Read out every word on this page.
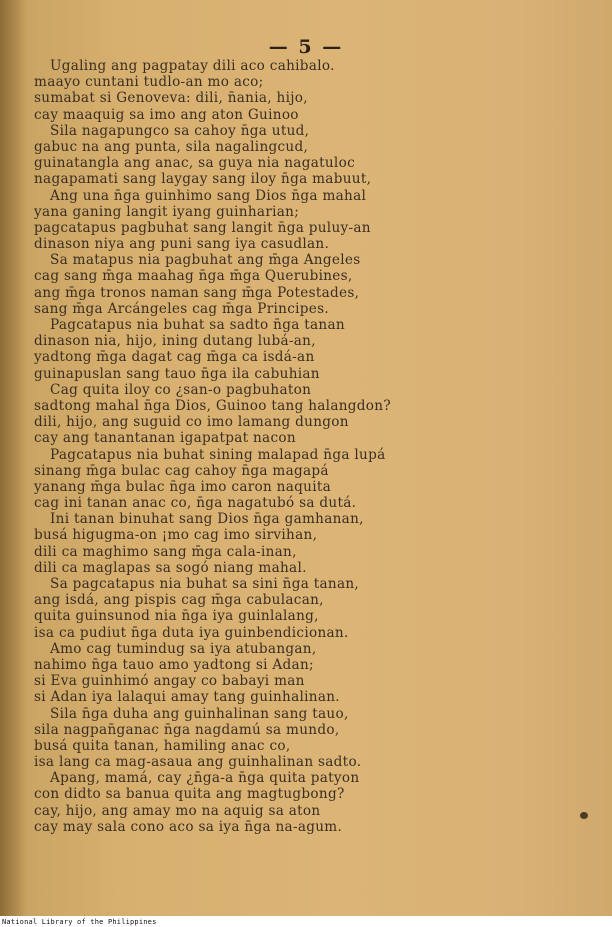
— 5 —
Ugaling ang pagpatay dili aco cahibalo.
maayo cuntani tudlo-an mo aco;
sumabat si Genoveva: dili, n̄ania, hijo,
cay maaquig sa imo ang aton Guinoo
Sila nagapungco sa cahoy n̄ga utud,
gabuc na ang punta, sila nagalingcud,
guinatangla ang anac, sa guya nia nagatuloc
nagapamati sang laygay sang iloy n̄ga mabuut,
Ang una n̄ga guinhimo sang Dios n̄ga mahal
yana ganing langit iyang guinharian;
pagcatapus pagbuhat sang langit n̄ga puluy-an
dinason niya ang puni sang iya casudlan.
Sa matapus nia pagbuhat ang m̄ga Angeles
cag sang m̄ga maahag n̄ga m̄ga Querubines,
ang m̄ga tronos naman sang m̄ga Potestades,
sang m̄ga Arcángeles cag m̄ga Principes.
Pagcatapus nia buhat sa sadto n̄ga tanan
dinason nia, hijo, ining dutang lubá-an,
yadtong m̄ga dagat cag m̄ga ca isdá-an
guinapuslan sang tauo n̄ga ila cabuhian
Cag quita iloy co ¿san-o pagbuhaton
sadtong mahal n̄ga Dios, Guinoo tang halangdon?
dili, hijo, ang suguid co imo lamang dungon
cay ang tanantanan igapatpat nacon
Pagcatapus nia buhat sining malapad n̄ga lupá
sinang m̄ga bulac cag cahoy n̄ga magapá
yanang m̄ga bulac n̄ga imo caron naquita
cag ini tanan anac co, n̄ga nagatubó sa dutá.
Ini tanan binuhat sang Dios n̄ga gamhanan,
busá higugma-on ¡mo cag imo sirvihan,
dili ca maghimo sang m̄ga cala-inan,
dili ca maglapas sa sogó niang mahal.
Sa pagcatapus nia buhat sa sini n̄ga tanan,
ang isdá, ang pispis cag m̄ga cabulacan,
quita guinsunod nia n̄ga iya guinlalang,
isa ca pudiut n̄ga duta iya guinbendicionan.
Amo cag tumindug sa iya atubangan,
nahimo n̄ga tauo amo yadtong si Adan;
si Eva guinhimó angay co babayi man
si Adan iya lalaqui amay tang guinhalinan.
Sila n̄ga duha ang guinhalinan sang tauo,
sila nagpan̄ganac n̄ga nagdamú sa mundo,
busá quita tanan, hamiling anac co,
isa lang ca mag-asaua ang guinhalinan sadto.
Apang, mamá, cay ¿n̄ga-a n̄ga quita patyon
con didto sa banua quita ang magtugbong?
cay, hijo, ang amay mo na aquig sa aton
cay may sala cono aco sa iya n̄ga na-agum.
National Library of the Philippines
